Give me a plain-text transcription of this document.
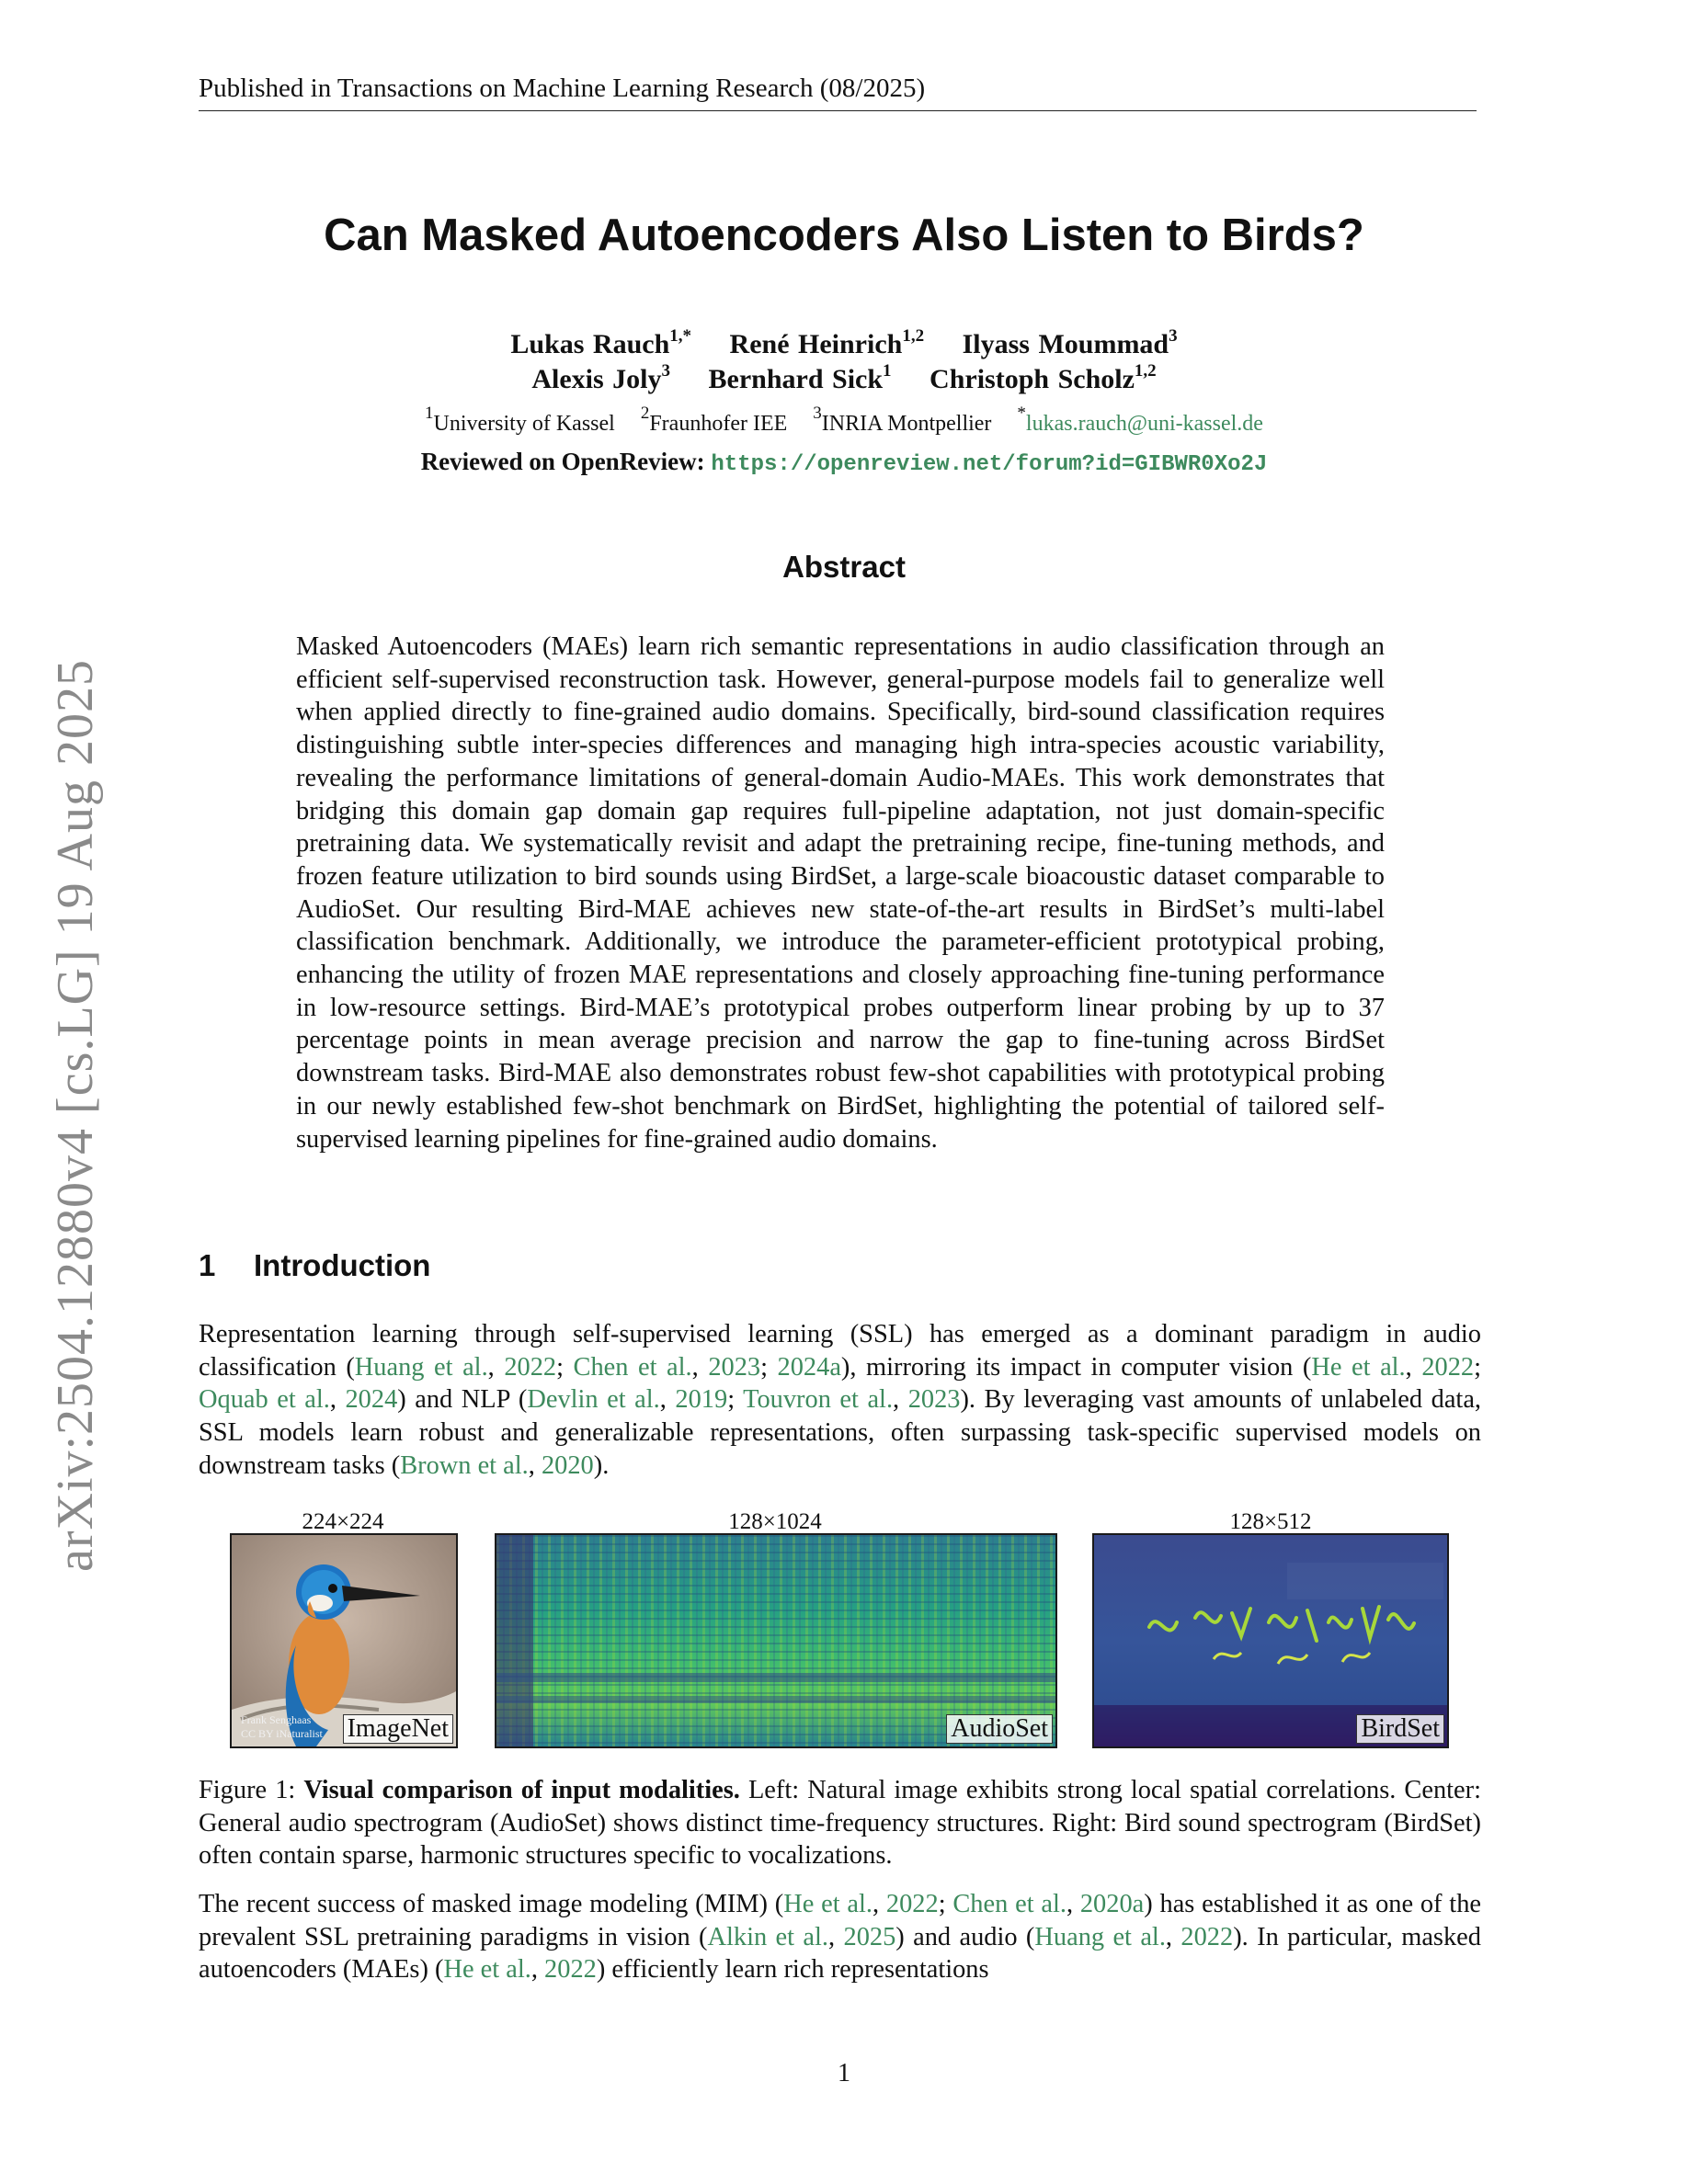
Published in Transactions on Machine Learning Research (08/2025)
Can Masked Autoencoders Also Listen to Birds?
Lukas Rauch$^{1,*}$ René Heinrich$^{1,2}$ Ilyass Moummad$^3$
Alexis Joly$^3$ Bernhard Sick$^1$ Christoph Scholz$^{1,2}$
$^1$University of Kassel $^2$Fraunhofer IEE $^3$INRIA Montpellier *lukas.rauch@uni-kassel.de
Reviewed on OpenReview: https://openreview.net/forum?id=GIBWR0Xo2J
arXiv:2504.12880v4 [cs.LG] 19 Aug 2025
Abstract
Masked Autoencoders (MAEs) learn rich semantic representations in audio classification through an efficient self-supervised reconstruction task. However, general-purpose models fail to generalize well when applied directly to fine-grained audio domains. Specifically, bird-sound classification requires distinguishing subtle inter-species differences and managing high intra-species acoustic variability, revealing the performance limitations of general-domain Audio-MAEs. This work demonstrates that bridging this domain gap domain gap requires full-pipeline adaptation, not just domain-specific pretraining data. We systematically revisit and adapt the pretraining recipe, fine-tuning methods, and frozen feature utilization to bird sounds using BirdSet, a large-scale bioacoustic dataset comparable to AudioSet. Our resulting Bird-MAE achieves new state-of-the-art results in BirdSet’s multi-label classification benchmark. Additionally, we introduce the parameter-efficient prototypical probing, enhancing the utility of frozen MAE representations and closely approaching fine-tuning performance in low-resource settings. Bird-MAE’s prototypical probes outperform linear probing by up to 37 percentage points in mean average precision and narrow the gap to fine-tuning across BirdSet downstream tasks. Bird-MAE also demonstrates robust few-shot capabilities with prototypical probing in our newly established few-shot benchmark on BirdSet, highlighting the potential of tailored self-supervised learning pipelines for fine-grained audio domains.
1 Introduction
Representation learning through self-supervised learning (SSL) has emerged as a dominant paradigm in audio classification (Huang et al., 2022; Chen et al., 2023; 2024a), mirroring its impact in computer vision (He et al., 2022; Oquab et al., 2024) and NLP (Devlin et al., 2019; Touvron et al., 2023). By leveraging vast amounts of unlabeled data, SSL models learn robust and generalizable representations, often surpassing task-specific supervised models on downstream tasks (Brown et al., 2020).
224×224	128×1024	128×512
Frank Senghaas
CC BY iNaturalist ImageNet	AudioSet	BirdSet
Figure 1: Visual comparison of input modalities. Left: Natural image exhibits strong local spatial correlations. Center: General audio spectrogram (AudioSet) shows distinct time-frequency structures. Right: Bird sound spectrogram (BirdSet) often contain sparse, harmonic structures specific to vocalizations.
The recent success of masked image modeling (MIM) (He et al., 2022; Chen et al., 2020a) has established it as one of the prevalent SSL pretraining paradigms in vision (Alkin et al., 2025) and audio (Huang et al., 2022). In particular, masked autoencoders (MAEs) (He et al., 2022) efficiently learn rich representations
1
